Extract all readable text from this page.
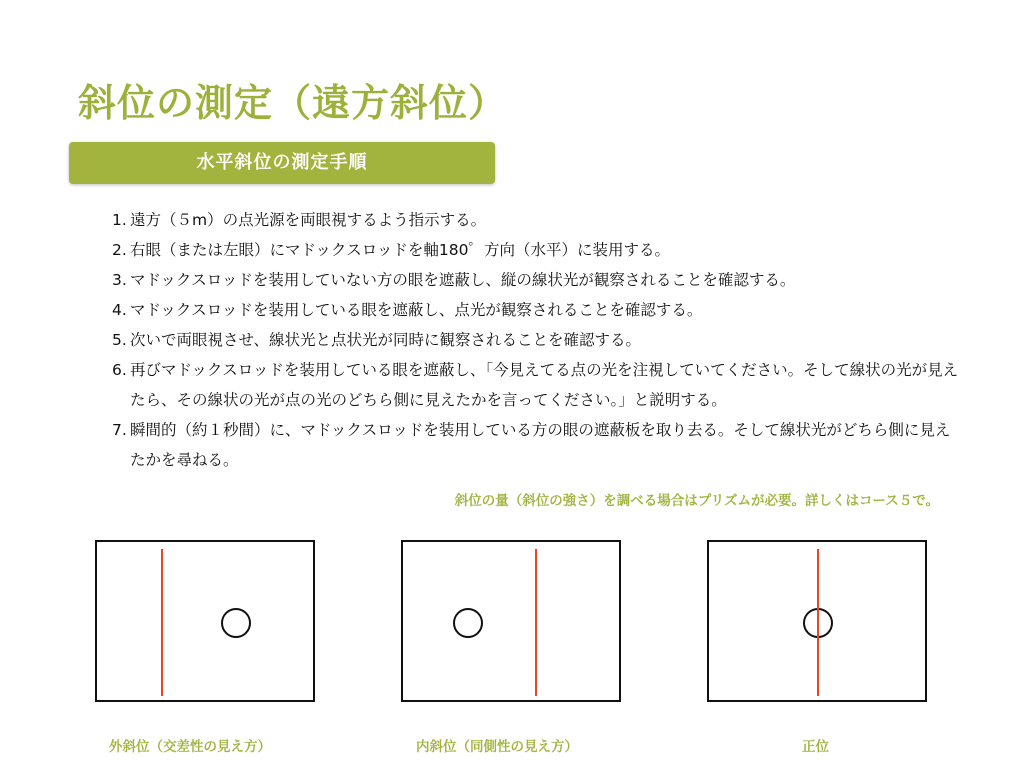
斜位の測定（遠方斜位）
水平斜位の測定手順
1. 遠方（５m）の点光源を両眼視するよう指示する。
2. 右眼（または左眼）にマドックスロッドを軸180゜方向（水平）に装用する。
3. マドックスロッドを装用していない方の眼を遮蔽し、縦の線状光が観察されることを確認する。
4. マドックスロッドを装用している眼を遮蔽し、点光が観察されることを確認する。
5. 次いで両眼視させ、線状光と点状光が同時に観察されることを確認する。
6. 再びマドックスロッドを装用している眼を遮蔽し、「今見えてる点の光を注視していてください。そして線状の光が見えたら、その線状の光が点の光のどちら側に見えたかを言ってください。」と説明する。
7. 瞬間的（約１秒間）に、マドックスロッドを装用している方の眼の遮蔽板を取り去る。そして線状光がどちら側に見えたかを尋ねる。
斜位の量（斜位の強さ）を調べる場合はプリズムが必要。詳しくはコース５で。
外斜位（交差性の見え方）	内斜位（同側性の見え方）	正位
